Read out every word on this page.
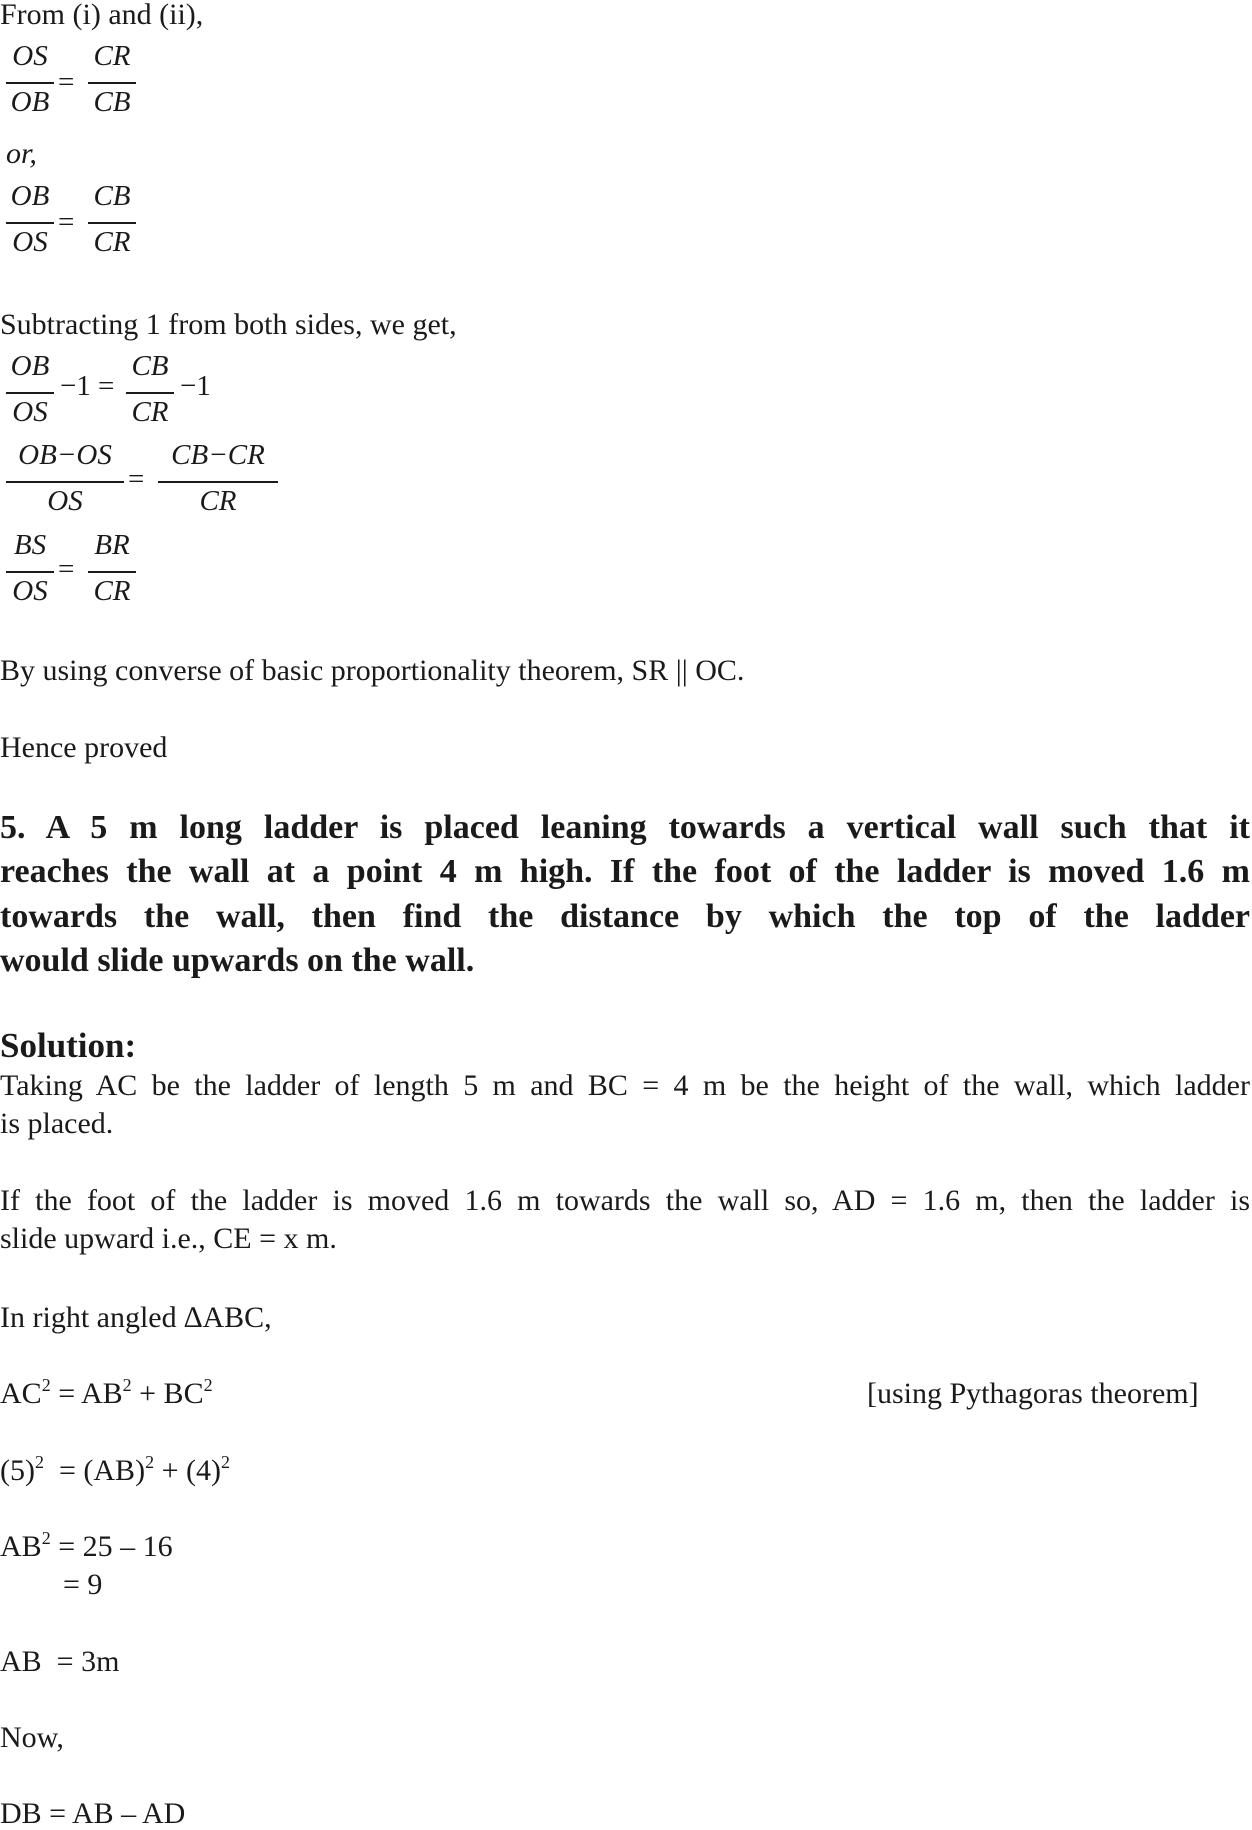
From (i) and (ii),
OS
OB
=
CR
CB
or,
OB
OS
=
CB
CR
Subtracting 1 from both sides, we get,
OB
OS
−1 =
CB
CR
−1
OB−OS
OS
=
CB−CR
CR
BS
OS
=
BR
CR
By using converse of basic proportionality theorem, SR || OC.
Hence proved
5. A 5 m long ladder is placed leaning towards a vertical wall such that it
reaches the wall at a point 4 m high. If the foot of the ladder is moved 1.6 m
towards the wall, then find the distance by which the top of the ladder
would slide upwards on the wall.
Solution:
Taking AC be the ladder of length 5 m and BC = 4 m be the height of the wall, which ladder
is placed.
If the foot of the ladder is moved 1.6 m towards the wall so, AD = 1.6 m, then the ladder is
slide upward i.e., CE = x m.
In right angled ∆ABC,
$AC^2 = AB^2 + BC^2$	[using Pythagoras theorem]
$(5)^2 = (AB)^2 + (4)^2$
$AB^2 = 25 - 16$
= 9
AB  = 3m
Now,
DB = AB – AD
